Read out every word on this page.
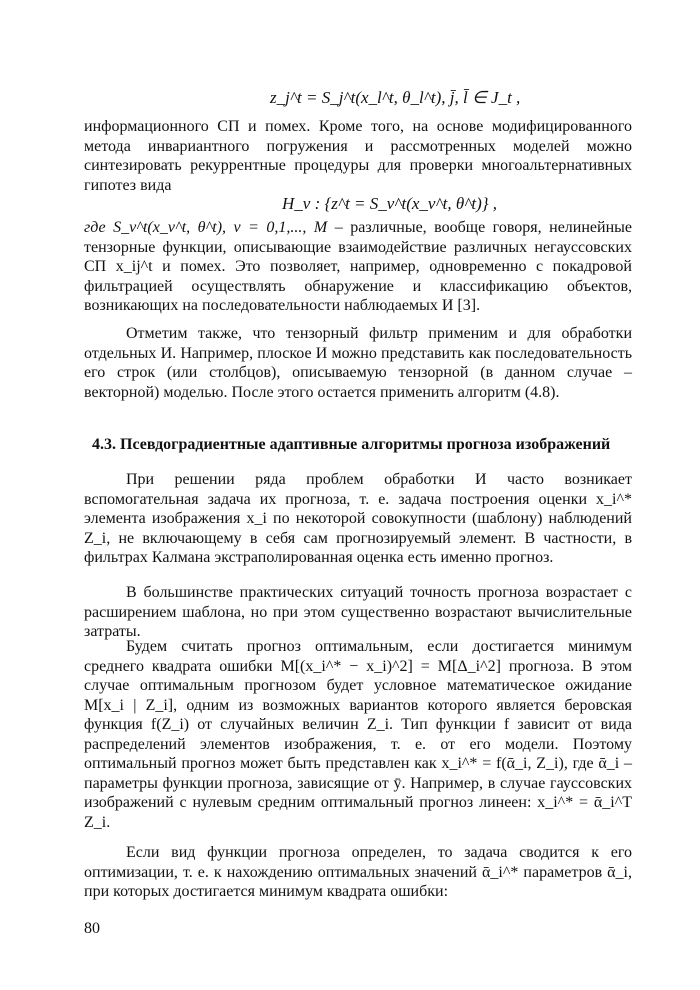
z_j^t = S_j^t(x_l^t, θ_l^t), j̄, l̄ ∈ J_t ,

информационного СП и помех. Кроме того, на основе модифицированного метода инвариантного погружения и рассмотренных моделей можно синтезировать рекуррентные процедуры для проверки многоальтернативных гипотез вида

H_ν : {z^t = S_ν^t(x_ν^t, θ^t)} ,

где S_ν^t(x_ν^t, θ^t), ν = 0,1,..., M – различные, вообще говоря, нелинейные тензорные функции, описывающие взаимодействие различных негауссовских СП x_ij^t и помех. Это позволяет, например, одновременно с покадровой фильтрацией осуществлять обнаружение и классификацию объектов, возникающих на последовательности наблюдаемых И [3].

Отметим также, что тензорный фильтр применим и для обработки отдельных И. Например, плоское И можно представить как последовательность его строк (или столбцов), описываемую тензорной (в данном случае – векторной) моделью. После этого остается применить алгоритм (4.8).

4.3. Псевдоградиентные адаптивные алгоритмы прогноза изображений

При решении ряда проблем обработки И часто возникает вспомогательная задача их прогноза, т. е. задача построения оценки x_i^* элемента изображения x_i по некоторой совокупности (шаблону) наблюдений Z_i, не включающему в себя сам прогнозируемый элемент. В частности, в фильтрах Калмана экстраполированная оценка есть именно прогноз.

В большинстве практических ситуаций точность прогноза возрастает с расширением шаблона, но при этом существенно возрастают вычислительные затраты.

Будем считать прогноз оптимальным, если достигается минимум среднего квадрата ошибки M[(x_i^* − x_i)^2] = M[Δ_i^2] прогноза. В этом случае оптимальным прогнозом будет условное математическое ожидание M[x_i | Z_i], одним из возможных вариантов которого является беровская функция f(Z_i) от случайных величин Z_i. Тип функции f зависит от вида распределений элементов изображения, т. е. от его модели. Поэтому оптимальный прогноз может быть представлен как x_i^* = f(ᾱ_i, Z_i), где ᾱ_i – параметры функции прогноза, зависящие от ȳ. Например, в случае гауссовских изображений с нулевым средним оптимальный прогноз линеен: x_i^* = ᾱ_i^T Z_i.

Если вид функции прогноза определен, то задача сводится к его оптимизации, т. е. к нахождению оптимальных значений ᾱ_i^* параметров ᾱ_i, при которых достигается минимум квадрата ошибки:

80
